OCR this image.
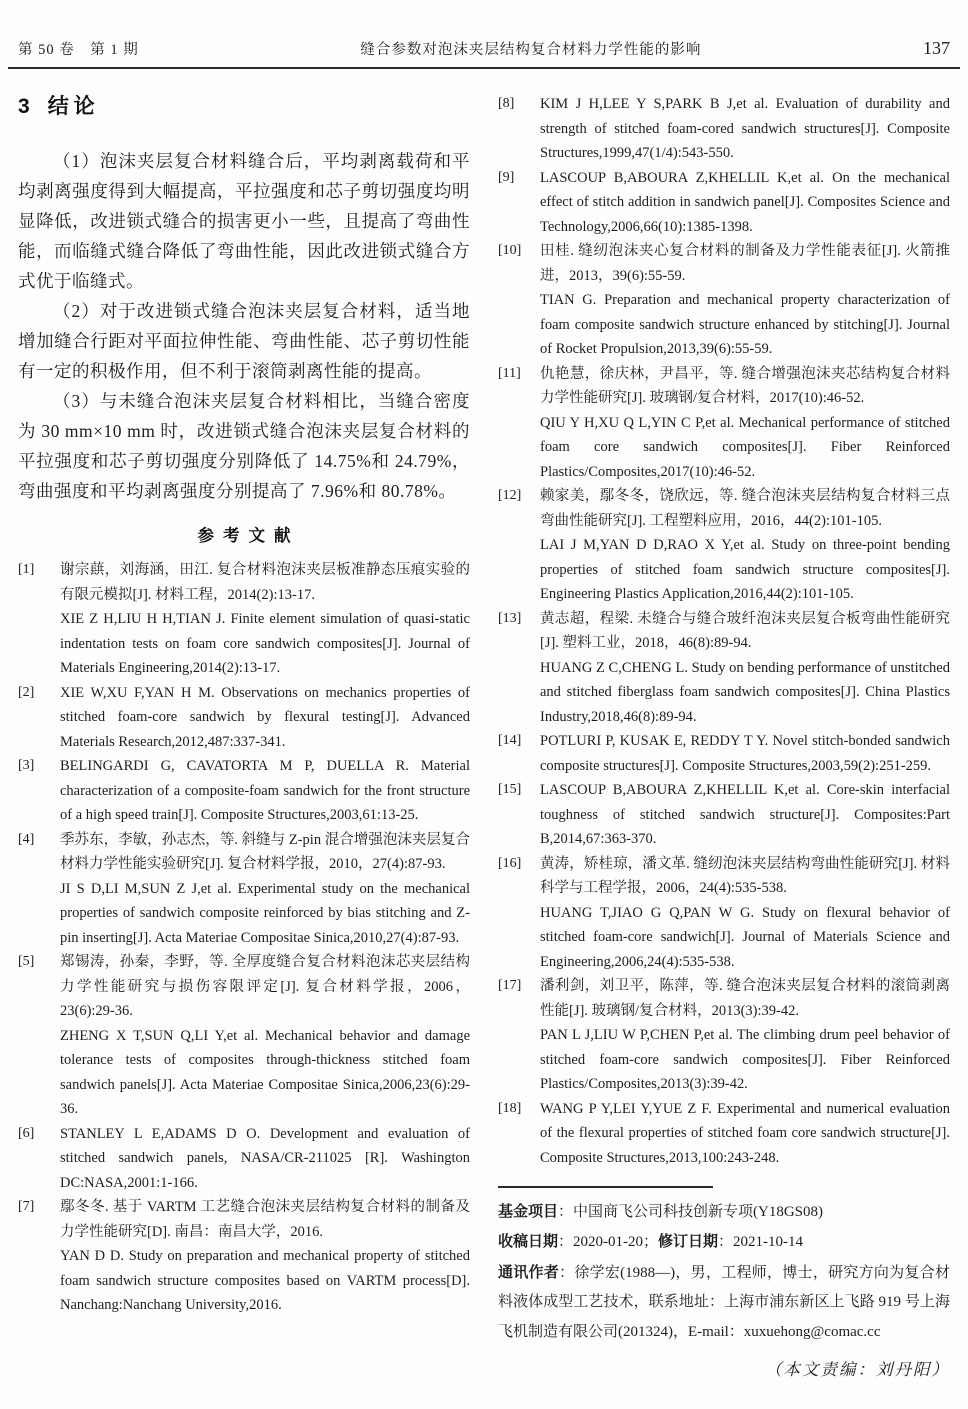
第 50 卷　第 1 期	缝合参数对泡沫夹层结构复合材料力学性能的影响	137
3 结论

（1）泡沫夹层复合材料缝合后，平均剥离载荷和平均剥离强度得到大幅提高，平拉强度和芯子剪切强度均明显降低，改进锁式缝合的损害更小一些，且提高了弯曲性能，而临缝式缝合降低了弯曲性能，因此改进锁式缝合方式优于临缝式。

（2）对于改进锁式缝合泡沫夹层复合材料，适当地增加缝合行距对平面拉伸性能、弯曲性能、芯子剪切性能有一定的积极作用，但不利于滚筒剥离性能的提高。

（3）与未缝合泡沫夹层复合材料相比，当缝合密度为 30 mm×10 mm 时，改进锁式缝合泡沫夹层复合材料的平拉强度和芯子剪切强度分别降低了 14.75%和 24.79%，弯曲强度和平均剥离强度分别提高了 7.96%和 80.78%。

参考文献
[1]	谢宗蕻，刘海涵，田江. 复合材料泡沫夹层板准静态压痕实验的有限元模拟[J]. 材料工程，2014(2):13-17.

XIE Z H,LIU H H,TIAN J. Finite element simulation of quasi-static indentation tests on foam core sandwich composites[J]. Journal of Materials Engineering,2014(2):13-17.

[2]	XIE W,XU F,YAN H M. Observations on mechanics properties of stitched foam-core sandwich by flexural testing[J]. Advanced Materials Research,2012,487:337-341.

[3]	BELINGARDI G, CAVATORTA M P, DUELLA R. Material characterization of a composite-foam sandwich for the front structure of a high speed train[J]. Composite Structures,2003,61:13-25.

[4]	季苏东，李敏，孙志杰，等. 斜缝与 Z-pin 混合增强泡沫夹层复合材料力学性能实验研究[J]. 复合材料学报，2010，27(4):87-93.

JI S D,LI M,SUN Z J,et al. Experimental study on the mechanical properties of sandwich composite reinforced by bias stitching and Z-pin inserting[J]. Acta Materiae Compositae Sinica,2010,27(4):87-93.

[5]	郑锡涛，孙秦，李野，等. 全厚度缝合复合材料泡沫芯夹层结构力学性能研究与损伤容限评定[J]. 复合材料学报，2006，23(6):29-36.

ZHENG X T,SUN Q,LI Y,et al. Mechanical behavior and damage tolerance tests of composites through-thickness stitched foam sandwich panels[J]. Acta Materiae Compositae Sinica,2006,23(6):29-36.

[6]	STANLEY L E,ADAMS D O. Development and evaluation of stitched sandwich panels, NASA/CR-211025 [R]. Washington DC:NASA,2001:1-166.

[7]	鄢冬冬. 基于 VARTM 工艺缝合泡沫夹层结构复合材料的制备及力学性能研究[D]. 南昌：南昌大学，2016.

YAN D D. Study on preparation and mechanical property of stitched foam sandwich structure composites based on VARTM process[D]. Nanchang:Nanchang University,2016.

[8]	KIM J H,LEE Y S,PARK B J,et al. Evaluation of durability and strength of stitched foam-cored sandwich structures[J]. Composite Structures,1999,47(1/4):543-550.

[9]	LASCOUP B,ABOURA Z,KHELLIL K,et al. On the mechanical effect of stitch addition in sandwich panel[J]. Composites Science and Technology,2006,66(10):1385-1398.

[10]	田桂. 缝纫泡沫夹心复合材料的制备及力学性能表征[J]. 火箭推进，2013，39(6):55-59.

TIAN G. Preparation and mechanical property characterization of foam composite sandwich structure enhanced by stitching[J]. Journal of Rocket Propulsion,2013,39(6):55-59.

[11]	仇艳慧，徐庆林，尹昌平，等. 缝合增强泡沫夹芯结构复合材料力学性能研究[J]. 玻璃钢/复合材料，2017(10):46-52.

QIU Y H,XU Q L,YIN C P,et al. Mechanical performance of stitched foam core sandwich composites[J]. Fiber Reinforced Plastics/Composites,2017(10):46-52.

[12]	赖家美，鄢冬冬，饶欣远，等. 缝合泡沫夹层结构复合材料三点弯曲性能研究[J]. 工程塑料应用，2016，44(2):101-105.

LAI J M,YAN D D,RAO X Y,et al. Study on three-point bending properties of stitched foam sandwich structure composites[J]. Engineering Plastics Application,2016,44(2):101-105.

[13]	黄志超，程梁. 未缝合与缝合玻纤泡沫夹层复合板弯曲性能研究[J]. 塑料工业，2018，46(8):89-94.

HUANG Z C,CHENG L. Study on bending performance of unstitched and stitched fiberglass foam sandwich composites[J]. China Plastics Industry,2018,46(8):89-94.

[14]	POTLURI P, KUSAK E, REDDY T Y. Novel stitch-bonded sandwich composite structures[J]. Composite Structures,2003,59(2):251-259.

[15]	LASCOUP B,ABOURA Z,KHELLIL K,et al. Core-skin interfacial toughness of stitched sandwich structure[J]. Composites:Part B,2014,67:363-370.

[16]	黄涛，矫桂琼，潘文革. 缝纫泡沫夹层结构弯曲性能研究[J]. 材料科学与工程学报，2006，24(4):535-538.

HUANG T,JIAO G Q,PAN W G. Study on flexural behavior of stitched foam-core sandwich[J]. Journal of Materials Science and Engineering,2006,24(4):535-538.

[17]	潘利剑，刘卫平，陈萍，等. 缝合泡沫夹层复合材料的滚筒剥离性能[J]. 玻璃钢/复合材料，2013(3):39-42.

PAN L J,LIU W P,CHEN P,et al. The climbing drum peel behavior of stitched foam-core sandwich composites[J]. Fiber Reinforced Plastics/Composites,2013(3):39-42.

[18]	WANG P Y,LEI Y,YUE Z F. Experimental and numerical evaluation of the flexural properties of stitched foam core sandwich structure[J]. Composite Structures,2013,100:243-248.

基金项目：中国商飞公司科技创新专项(Y18GS08)

收稿日期：2020-01-20；修订日期：2021-10-14

通讯作者：徐学宏(1988—)，男，工程师，博士，研究方向为复合材料液体成型工艺技术，联系地址：上海市浦东新区上飞路 919 号上海飞机制造有限公司(201324)，E-mail：xuxuehong@comac.cc

（本文责编：刘丹阳）
